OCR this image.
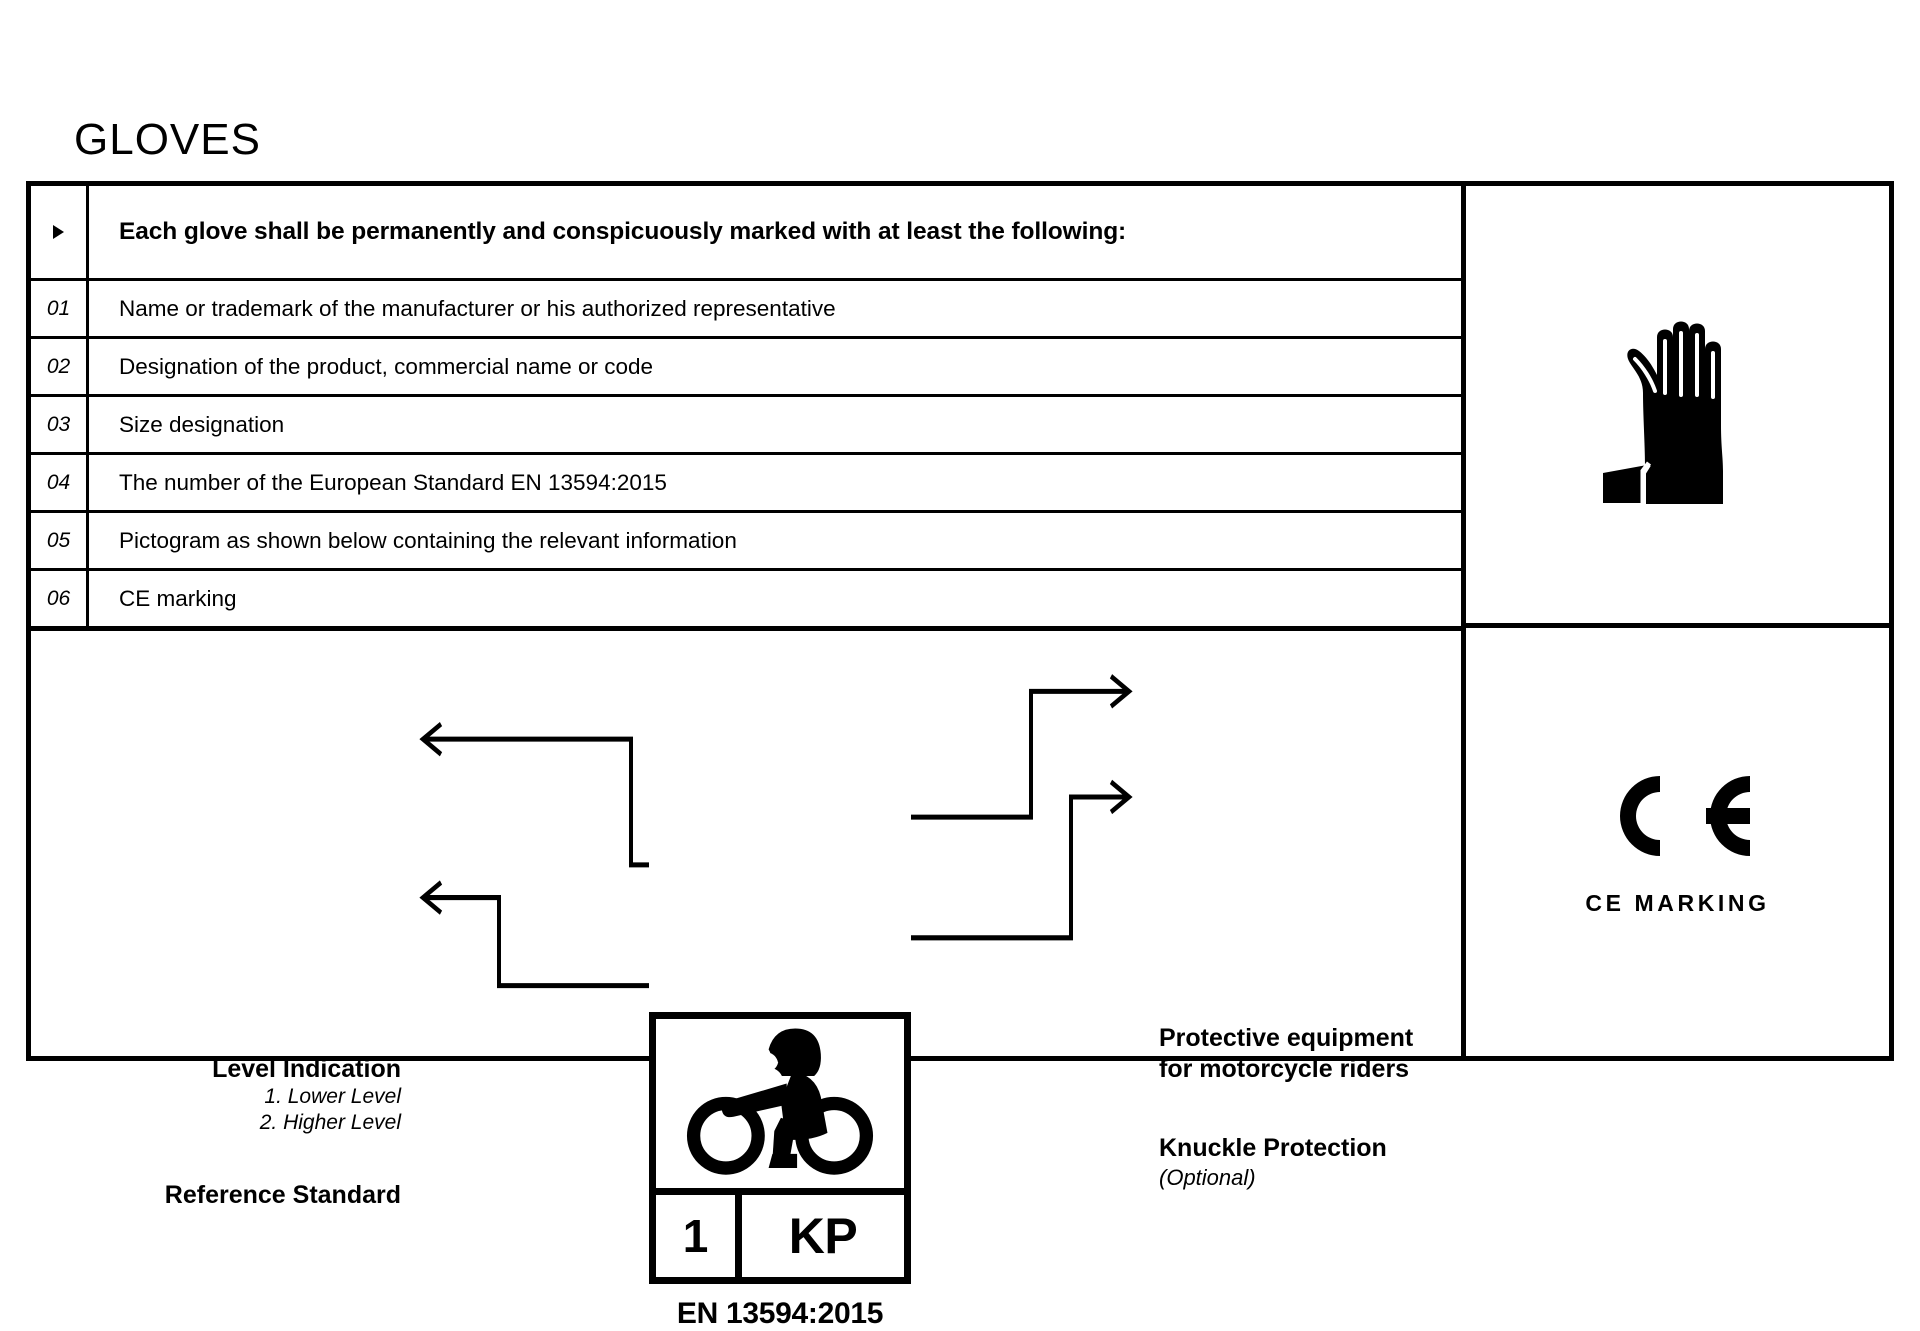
GLOVES
Each glove shall be permanently and conspicuously marked with at least the following:
01	Name or trademark of the manufacturer or his authorized representative
02	Designation of the product, commercial name or code
03	Size designation
04	The number of the European Standard EN 13594:2015
05	Pictogram as shown below containing the relevant information
06	CE marking
Level Indication
1. Lower Level
2. Higher Level
Reference Standard
Protective equipment
for motorcycle riders
Knuckle Protection
(Optional)
1	KP
EN 13594:2015
CE MARKING
